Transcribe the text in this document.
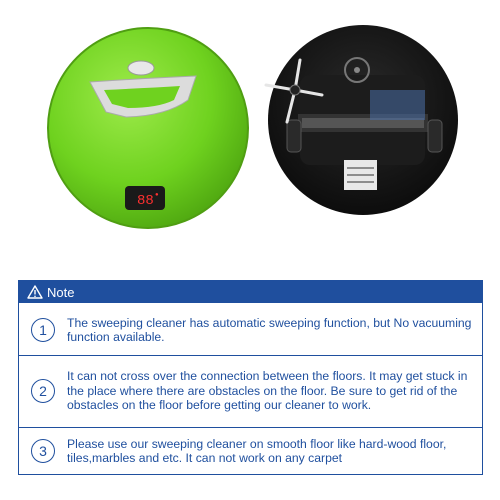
88 ●
Note
1	The sweeping cleaner has automatic sweeping function, but No vacuuming function available.
2
It can not cross over the connection between the floors. It may get stuck in the place where there are obstacles on the floor. Be sure to get rid of the obstacles on the floor before getting our cleaner to work.
3	Please use our sweeping cleaner on smooth floor like hard-wood floor, tiles,marbles and etc. It can not work on any carpet
